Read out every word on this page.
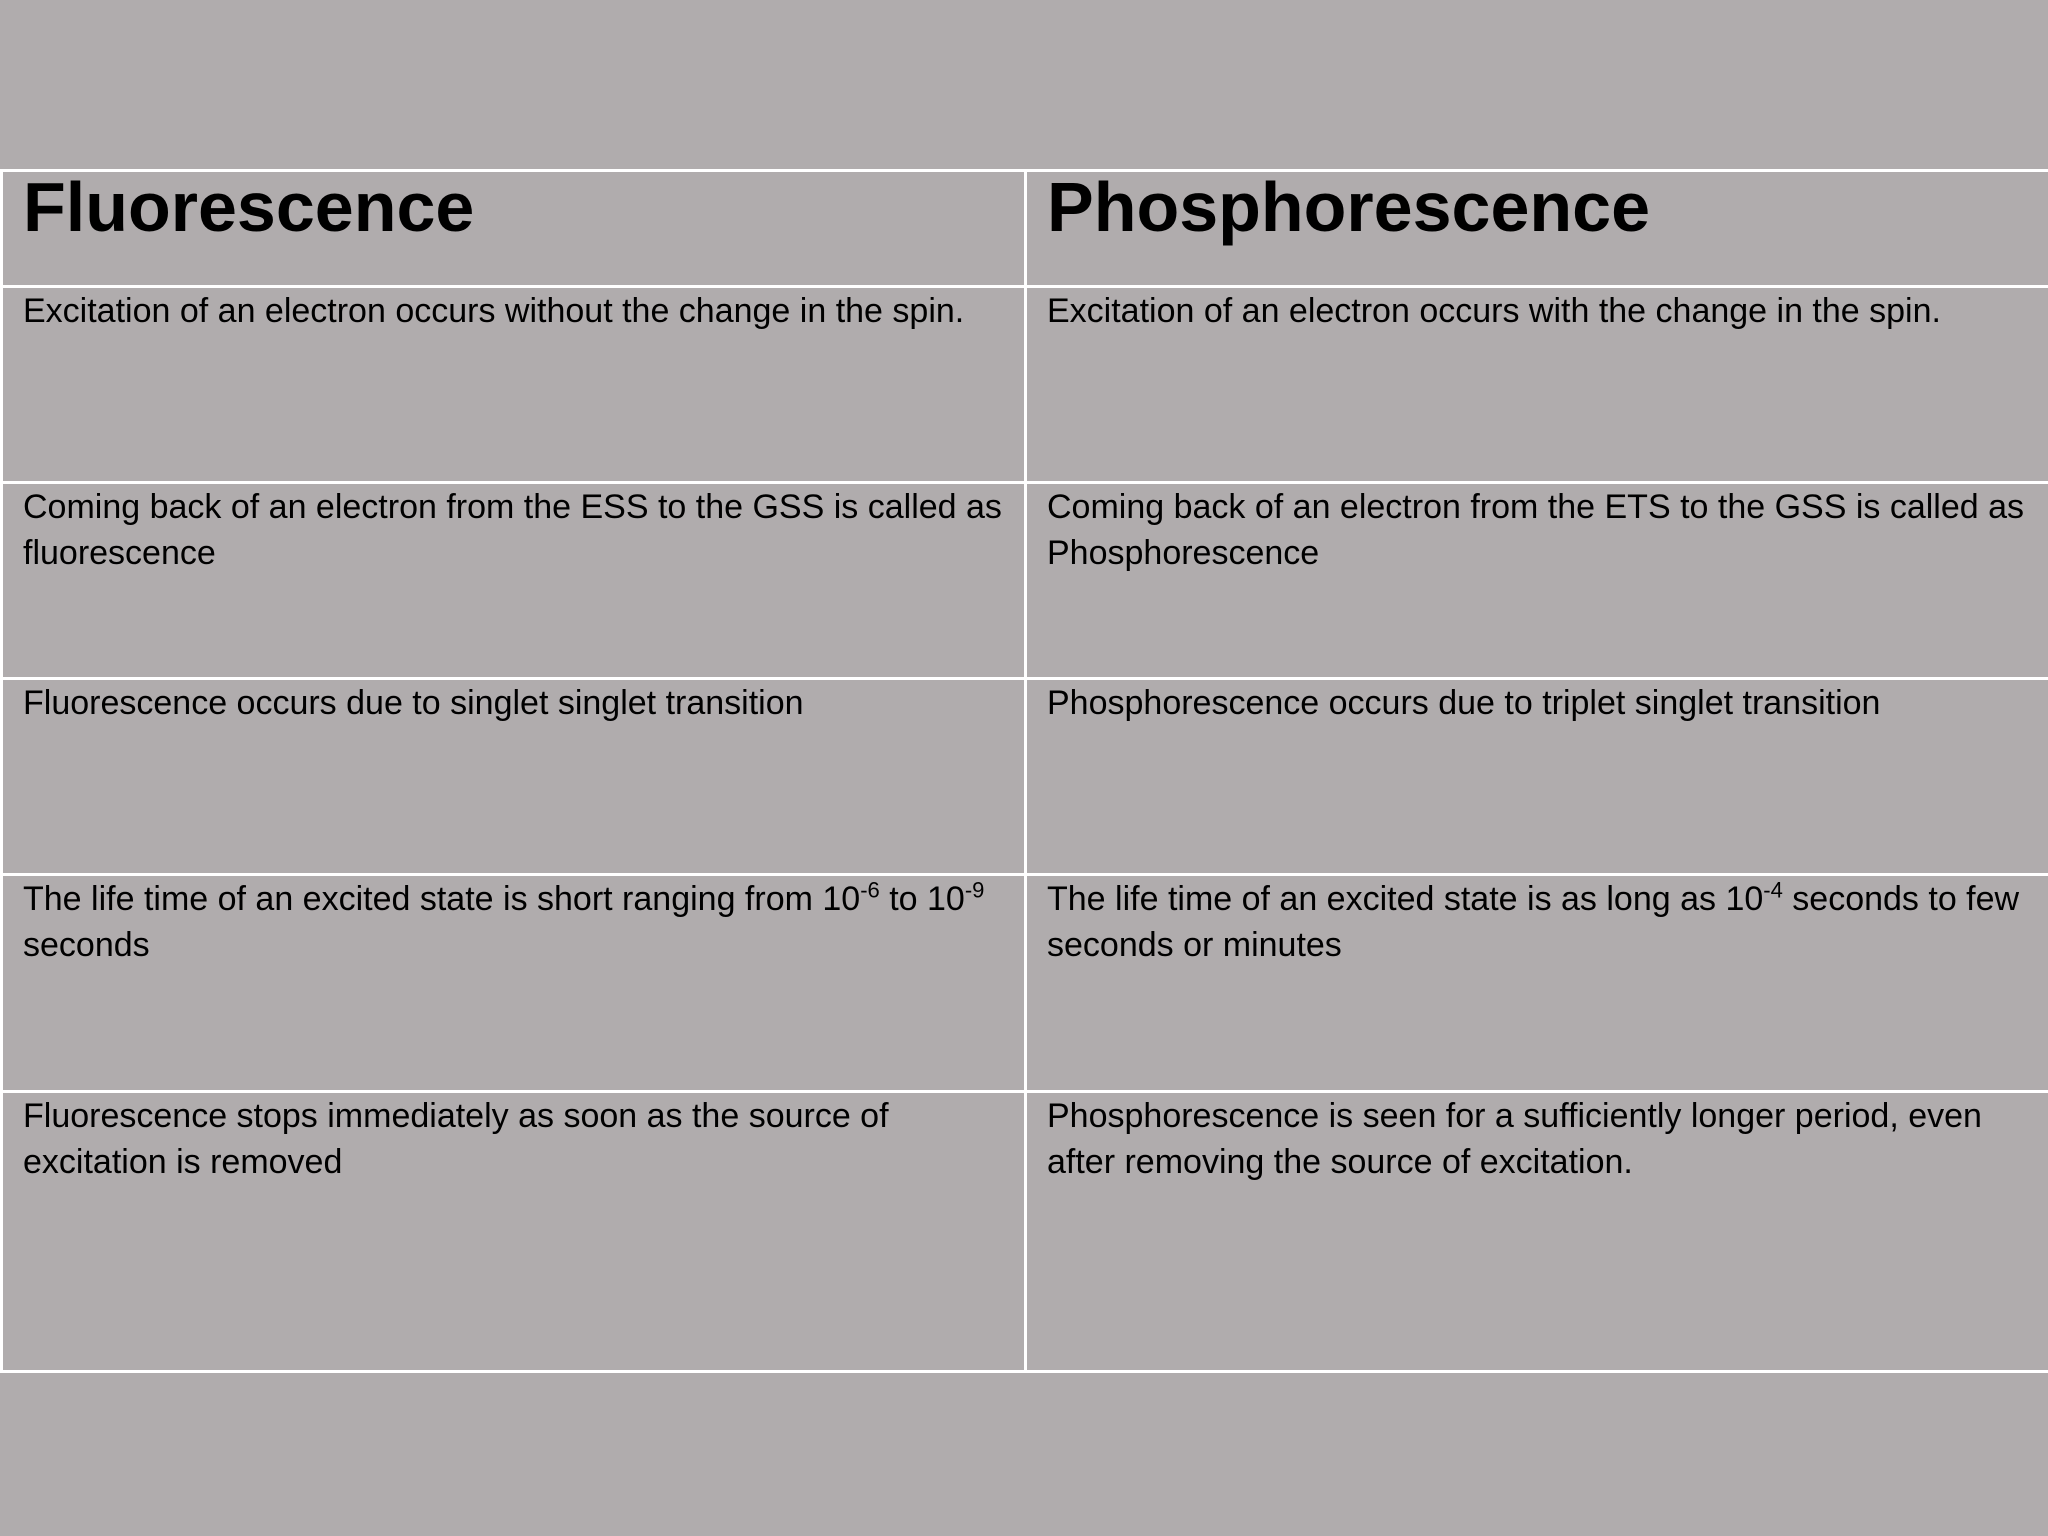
Fluorescence	Phosphorescence
Excitation of an electron occurs without the change in the spin.	Excitation of an electron occurs with the change in the spin.
Coming back of an electron from the ESS to the GSS is called as fluorescence	Coming back of an electron from the ETS to the GSS is called as Phosphorescence
Fluorescence occurs due to singlet singlet transition	Phosphorescence occurs due to triplet singlet transition
The life time of an excited state is short ranging from $10^{-6}$ to $10^{-9}$ seconds	The life time of an excited state is as long as $10^{-4}$ seconds to few seconds or minutes
Fluorescence stops immediately as soon as the source of excitation is removed	Phosphorescence is seen for a sufficiently longer period, even after removing the source of excitation.
